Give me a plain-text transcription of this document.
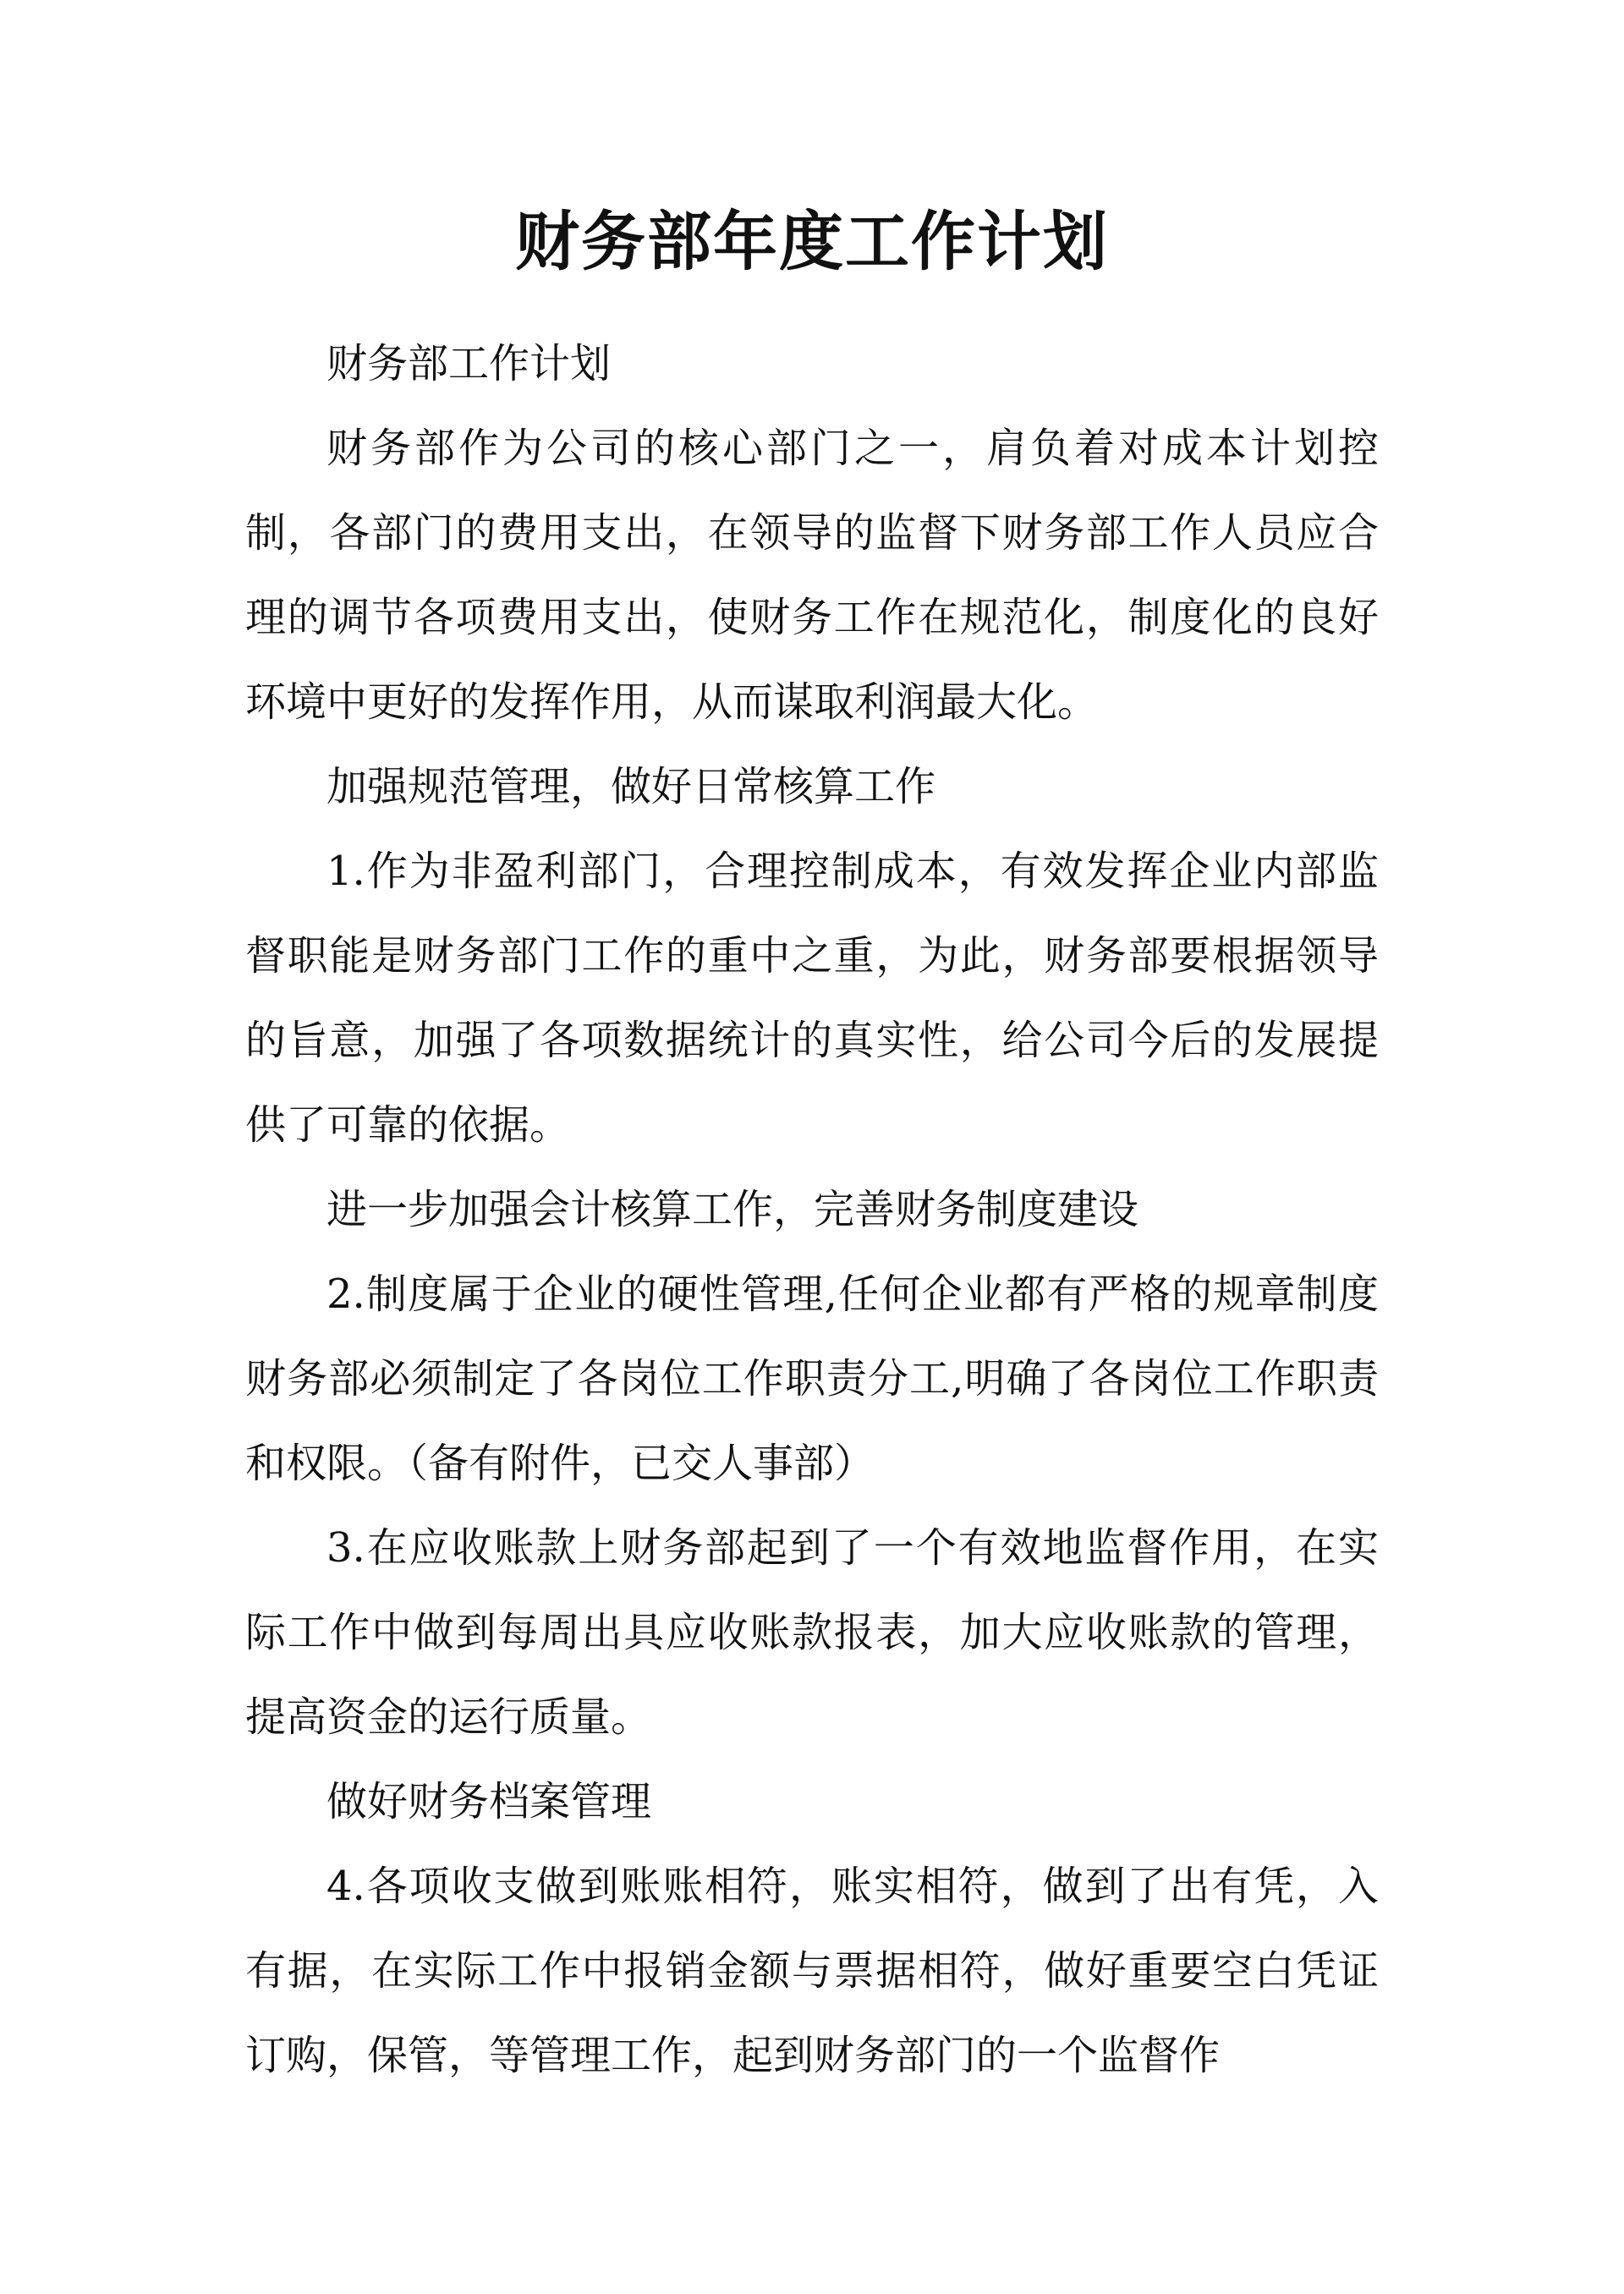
财务部年度工作计划

财务部工作计划

财务部作为公司的核心部门之一，肩负着对成本计划控制，各部门的费用支出，在领导的监督下财务部工作人员应合理的调节各项费用支出，使财务工作在规范化，制度化的良好环境中更好的发挥作用，从而谋取利润最大化。

加强规范管理，做好日常核算工作

1.作为非盈利部门，合理控制成本，有效发挥企业内部监督职能是财务部门工作的重中之重，为此，财务部要根据领导的旨意，加强了各项数据统计的真实性，给公司今后的发展提供了可靠的依据。

进一步加强会计核算工作，完善财务制度建设

2.制度属于企业的硬性管理,任何企业都有严格的规章制度财务部必须制定了各岗位工作职责分工,明确了各岗位工作职责和权限。（备有附件，已交人事部）

3.在应收账款上财务部起到了一个有效地监督作用，在实际工作中做到每周出具应收账款报表，加大应收账款的管理，提高资金的运行质量。

做好财务档案管理

4.各项收支做到账账相符，账实相符，做到了出有凭，入有据，在实际工作中报销金额与票据相符，做好重要空白凭证订购，保管，等管理工作，起到财务部门的一个监督作
